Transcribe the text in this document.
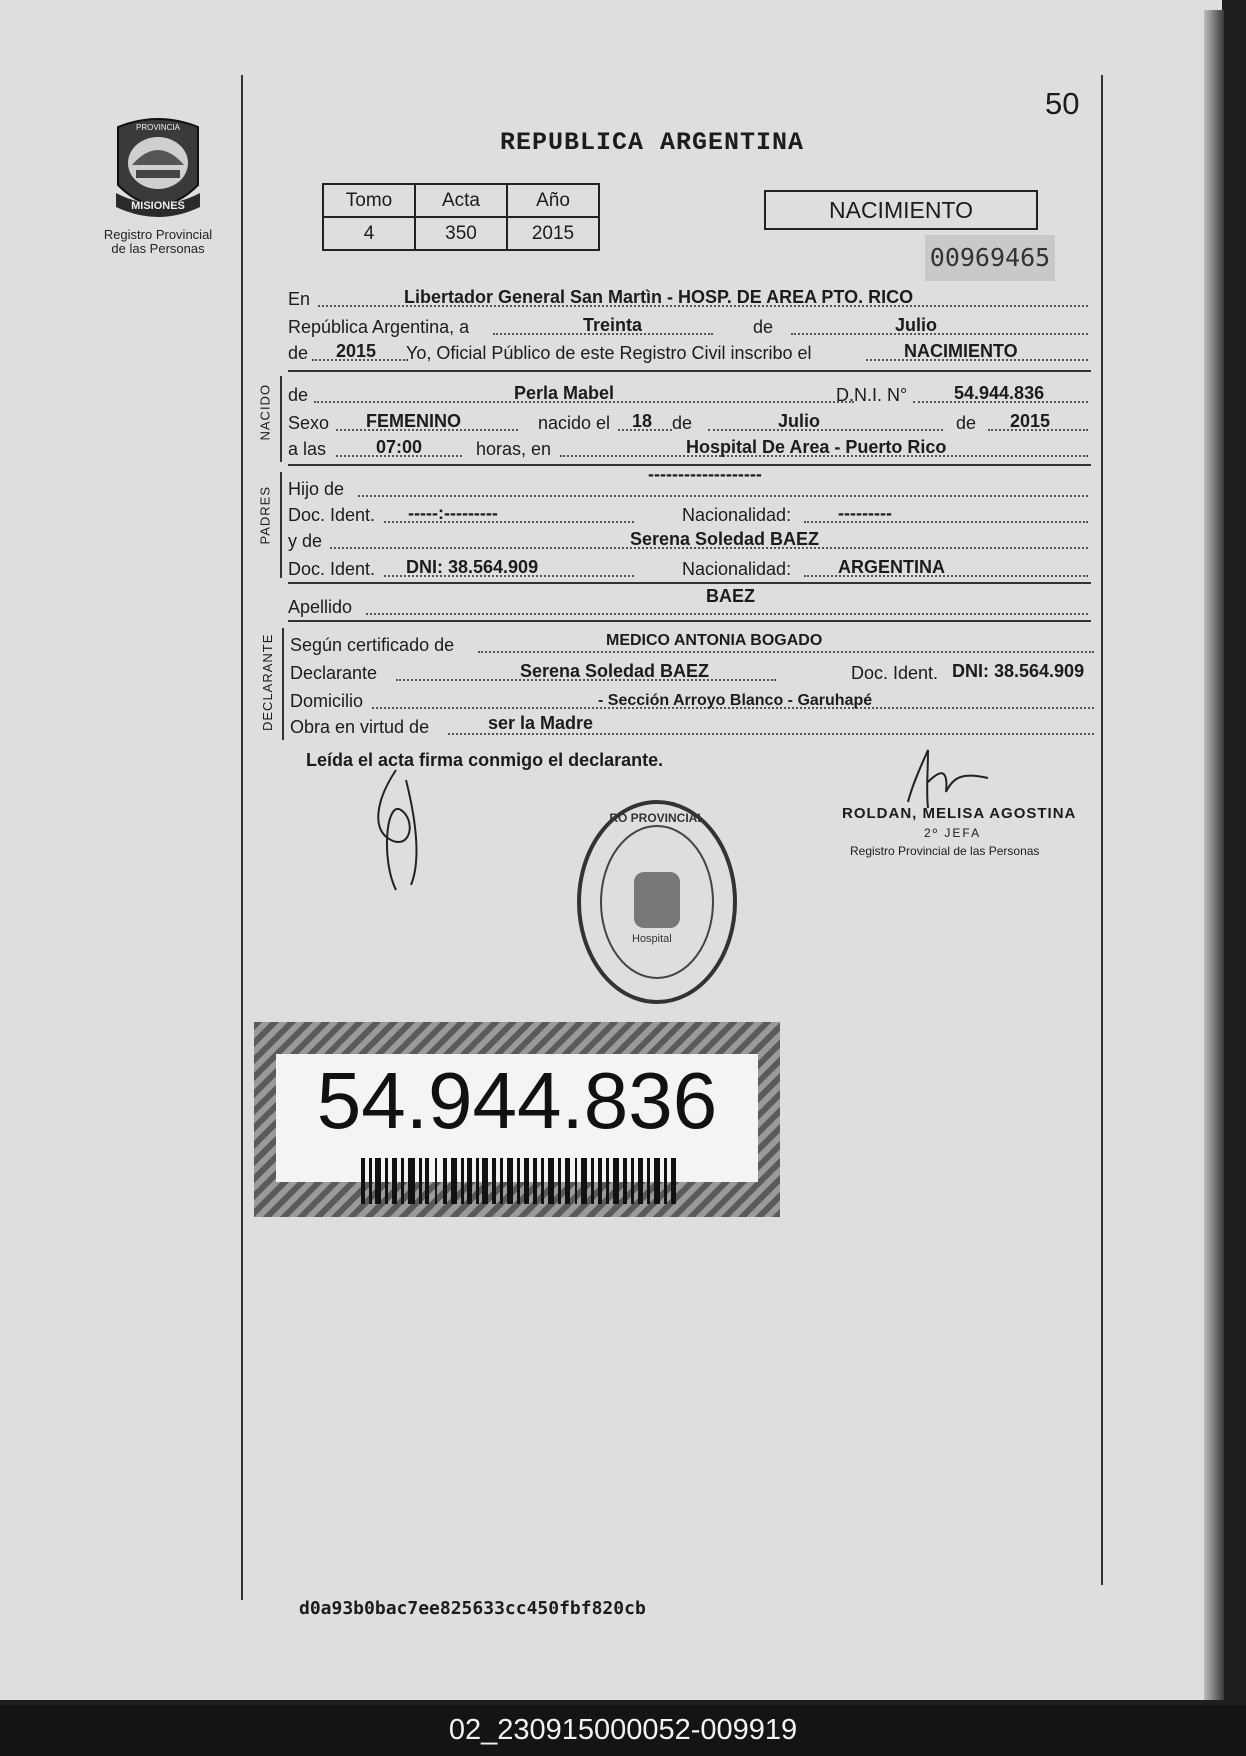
50
PROVINCIA
MISIONES
Registro Provincial
de las Personas
REPUBLICA ARGENTINA
Tomo	Acta	Año
4	350	2015
NACIMIENTO
00969465
En	Libertador General San Martìn - HOSP. DE AREA PTO. RICO
República Argentina, a	Treinta	de	Julio
de 2015 Yo, Oficial Público de este Registro Civil inscribo el	NACIMIENTO
NACIDO de	Perla Mabel	D.N.I. N°	54.944.836
Sexo FEMENINO	nacido el 18 de	Julio	de 2015
a las	07:00	horas, en	Hospital De Area - Puerto Rico
PADRES Hijo de
-------------------
Doc. Ident. -----:---------	Nacionalidad:	---------
y de	Serena Soledad BAEZ
Doc. Ident. DNI: 38.564.909	Nacionalidad:	ARGENTINA
Apellido
BAEZ
DECLARANTE Según certificado de	MEDICO ANTONIA BOGADO
Declarante	Serena Soledad BAEZ	Doc. Ident. DNI: 38.564.909
Domicilio	- Sección Arroyo Blanco - Garuhapé
Obra en virtud de	ser la Madre
Leída el acta firma conmigo el declarante.
ROLDAN, MELISA AGOSTINA
2º JEFA
Registro Provincial de las Personas
RO PROVINCIAL
Hospital
54.944.836
d0a93b0bac7ee825633cc450fbf820cb
02_230915000052-009919
